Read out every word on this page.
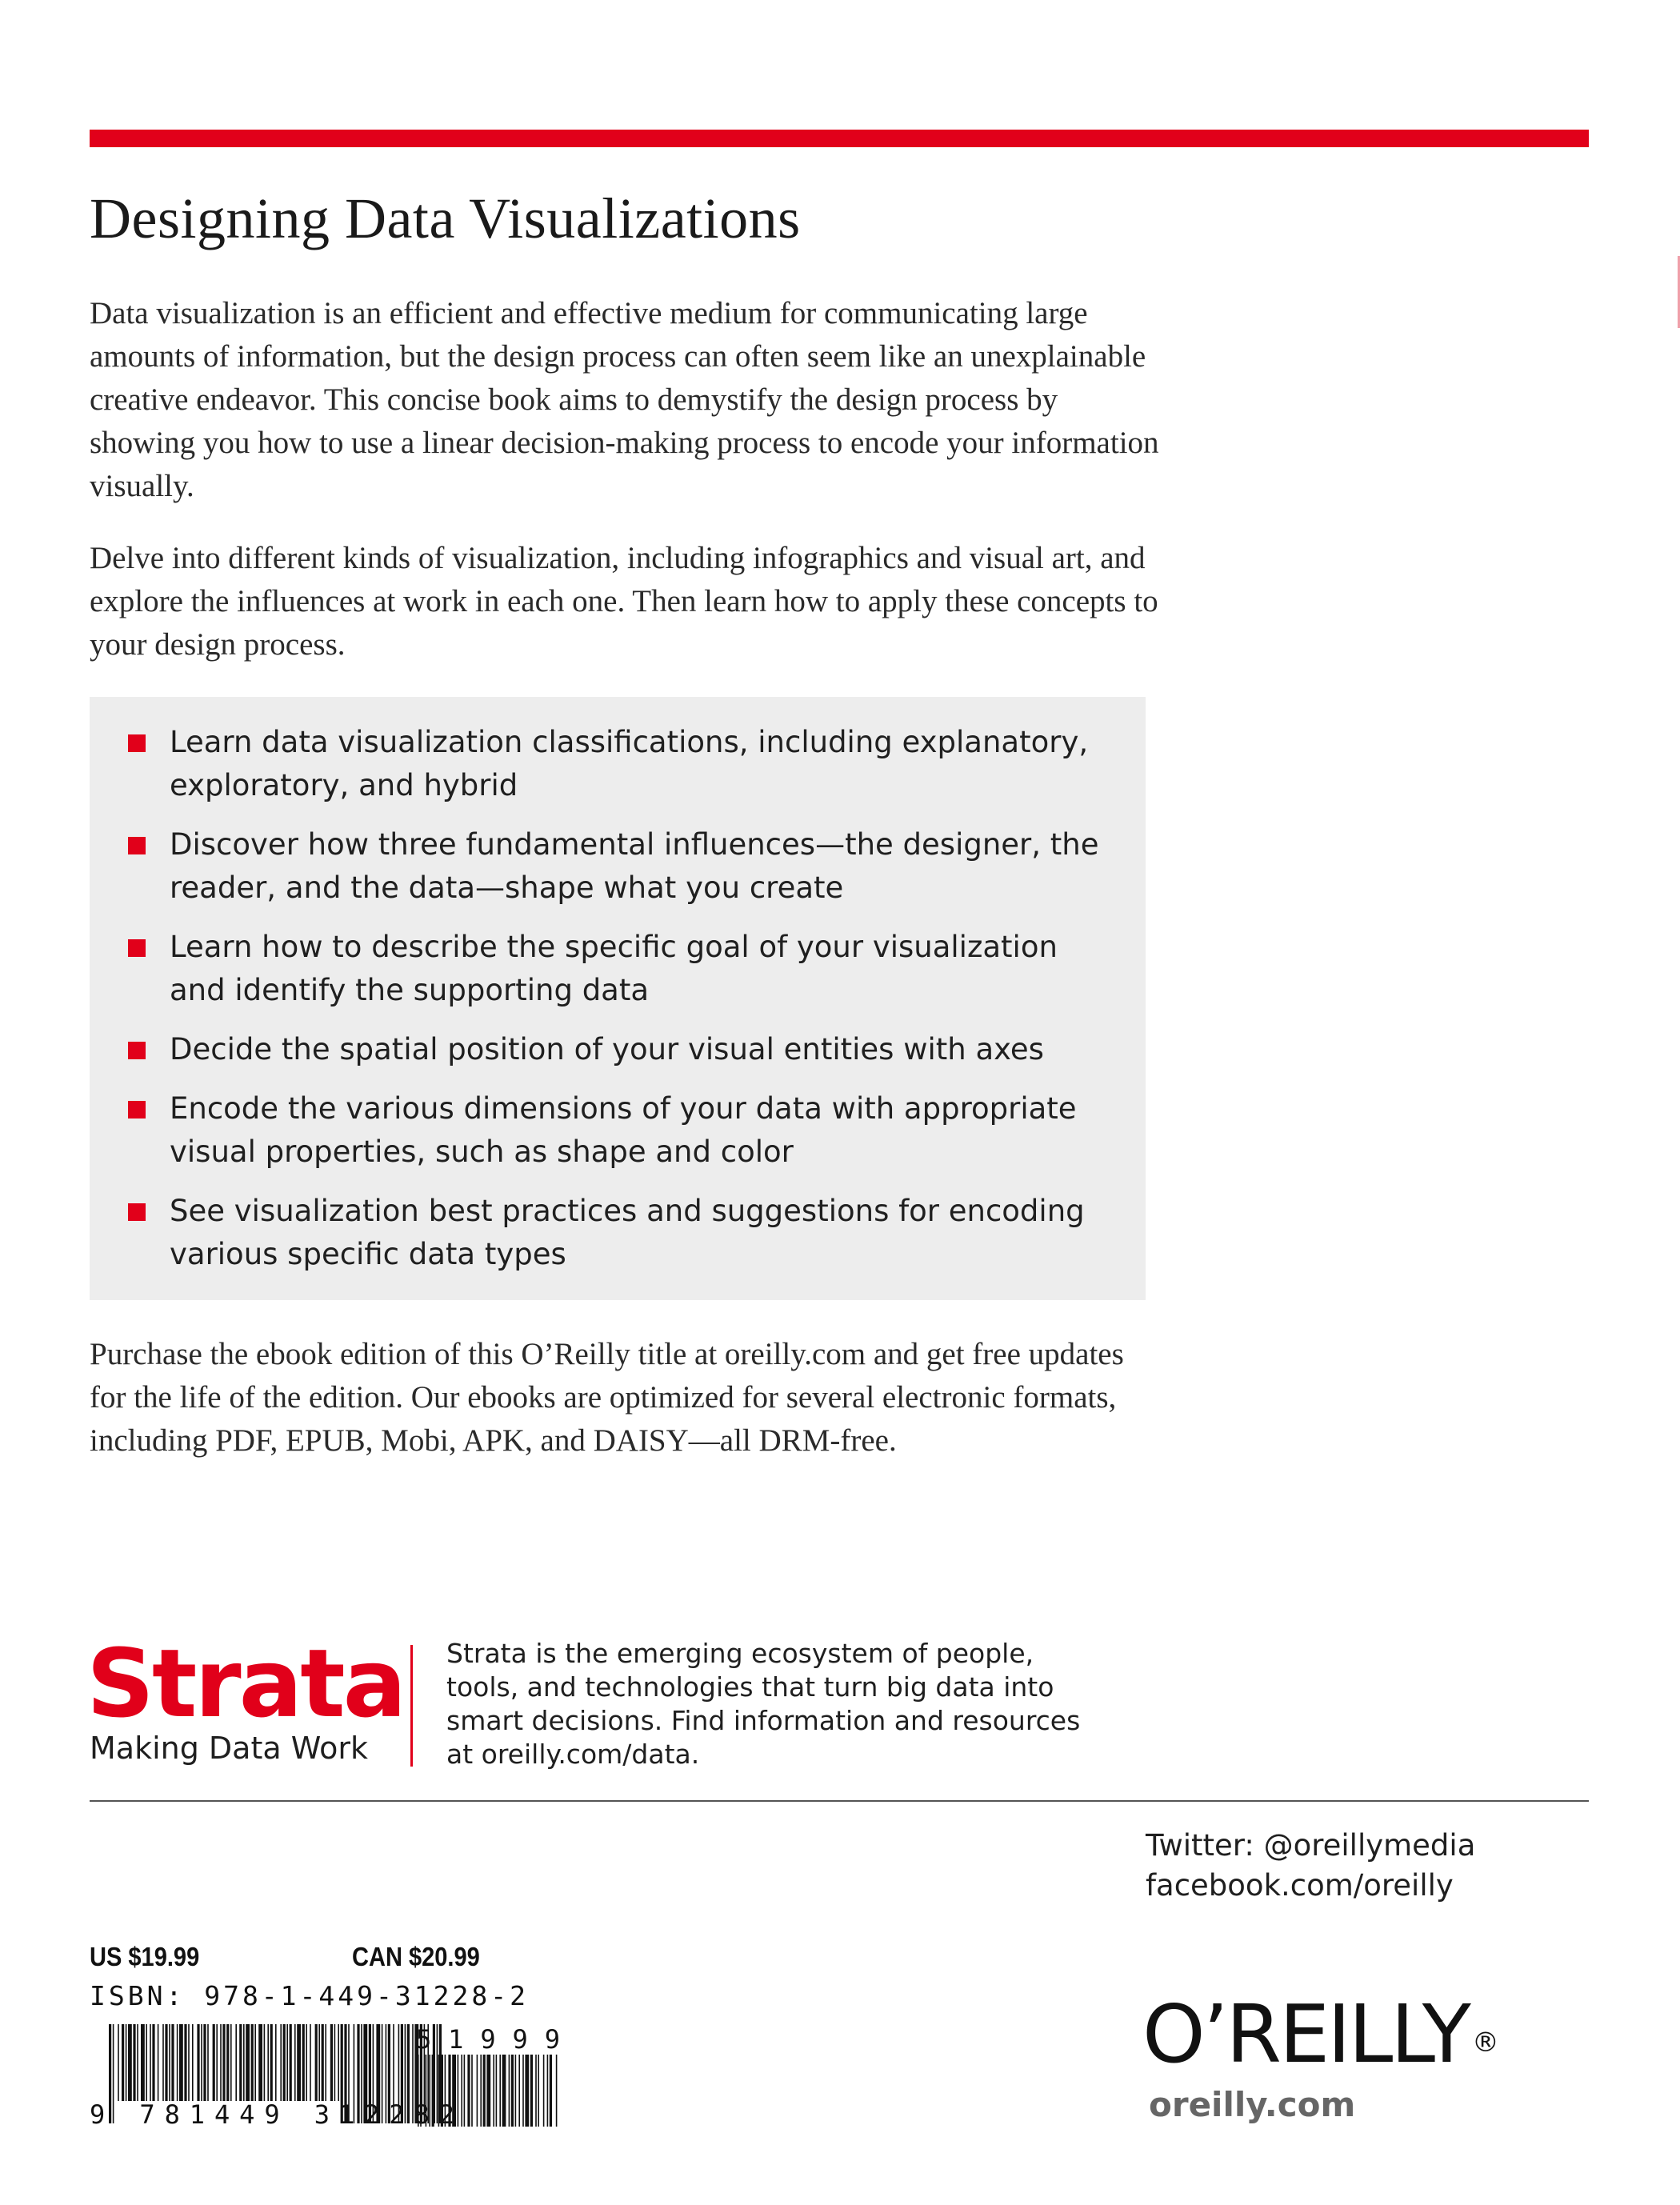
Designing Data Visualizations

Data visualization is an efficient and effective medium for communicating large amounts of information, but the design process can often seem like an unexplainable creative endeavor. This concise book aims to demystify the design process by showing you how to use a linear decision-making process to encode your information visually.

Delve into different kinds of visualization, including infographics and visual art, and explore the influences at work in each one. Then learn how to apply these concepts to your design process.

Learn data visualization classifications, including explanatory, exploratory, and hybrid
Discover how three fundamental influences—the designer, the reader, and the data—shape what you create
Learn how to describe the specific goal of your visualization and identify the supporting data
Decide the spatial position of your visual entities with axes
Encode the various dimensions of your data with appropriate visual properties, such as shape and color
See visualization best practices and suggestions for encoding various specific data types

Purchase the ebook edition of this O’Reilly title at oreilly.com and get free updates for the life of the edition. Our ebooks are optimized for several electronic formats, including PDF, EPUB, Mobi, APK, and DAISY—all DRM-free.

Strata
Making Data Work

Strata is the emerging ecosystem of people, tools, and technologies that turn big data into smart decisions. Find information and resources at oreilly.com/data.

Twitter: @oreillymedia
facebook.com/oreilly
US $19.99	CAN $20.99
ISBN: 978-1-449-31228-2
9 781449 312282
51999	O’REILLY ®
oreilly.com
